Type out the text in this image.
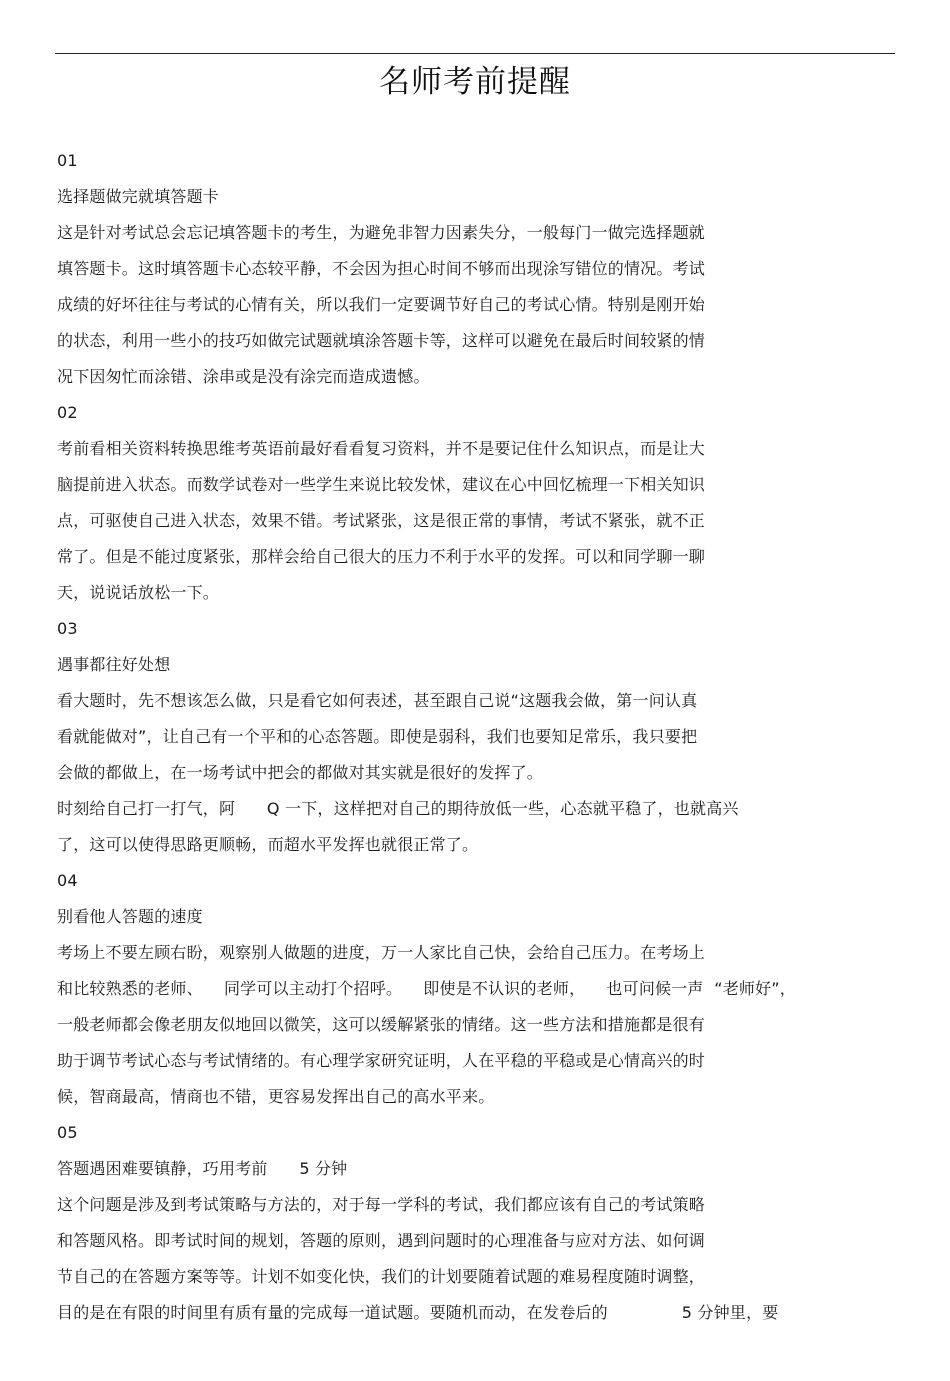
名师考前提醒
01
选择题做完就填答题卡
这是针对考试总会忘记填答题卡的考生，为避免非智力因素失分，一般每门一做完选择题就
填答题卡。这时填答题卡心态较平静，不会因为担心时间不够而出现涂写错位的情况。考试
成绩的好坏往往与考试的心情有关，所以我们一定要调节好自己的考试心情。特别是刚开始
的状态，利用一些小的技巧如做完试题就填涂答题卡等，这样可以避免在最后时间较紧的情
况下因匆忙而涂错、涂串或是没有涂完而造成遗憾。
02
考前看相关资料转换思维考英语前最好看看复习资料，并不是要记住什么知识点，而是让大
脑提前进入状态。而数学试卷对一些学生来说比较发怵，建议在心中回忆梳理一下相关知识
点，可驱使自己进入状态，效果不错。考试紧张，这是很正常的事情，考试不紧张，就不正
常了。但是不能过度紧张，那样会给自己很大的压力不利于水平的发挥。可以和同学聊一聊
天，说说话放松一下。
03
遇事都往好处想
看大题时，先不想该怎么做，只是看它如何表述，甚至跟自己说“这题我会做，第一问认真
看就能做对”，让自己有一个平和的心态答题。即使是弱科，我们也要知足常乐，我只要把
会做的都做上，在一场考试中把会的都做对其实就是很好的发挥了。
时刻给自己打一打气，阿      Q 一下，这样把对自己的期待放低一些，心态就平稳了，也就高兴
了，这可以使得思路更顺畅，而超水平发挥也就很正常了。
04
别看他人答题的速度
考场上不要左顾右盼，观察别人做题的进度，万一人家比自己快，会给自己压力。在考场上
和比较熟悉的老师、    同学可以主动打个招呼。    即使是不认识的老师，    也可问候一声  “老师好”，
一般老师都会像老朋友似地回以微笑，这可以缓解紧张的情绪。这一些方法和措施都是很有
助于调节考试心态与考试情绪的。有心理学家研究证明，人在平稳的平稳或是心情高兴的时
候，智商最高，情商也不错，更容易发挥出自己的高水平来。
05
答题遇困难要镇静，巧用考前      5 分钟
这个问题是涉及到考试策略与方法的，对于每一学科的考试，我们都应该有自己的考试策略
和答题风格。即考试时间的规划，答题的原则，遇到问题时的心理准备与应对方法、如何调
节自己的在答题方案等等。计划不如变化快，我们的计划要随着试题的难易程度随时调整，
目的是在有限的时间里有质有量的完成每一道试题。要随机而动，在发卷后的              5 分钟里，要
